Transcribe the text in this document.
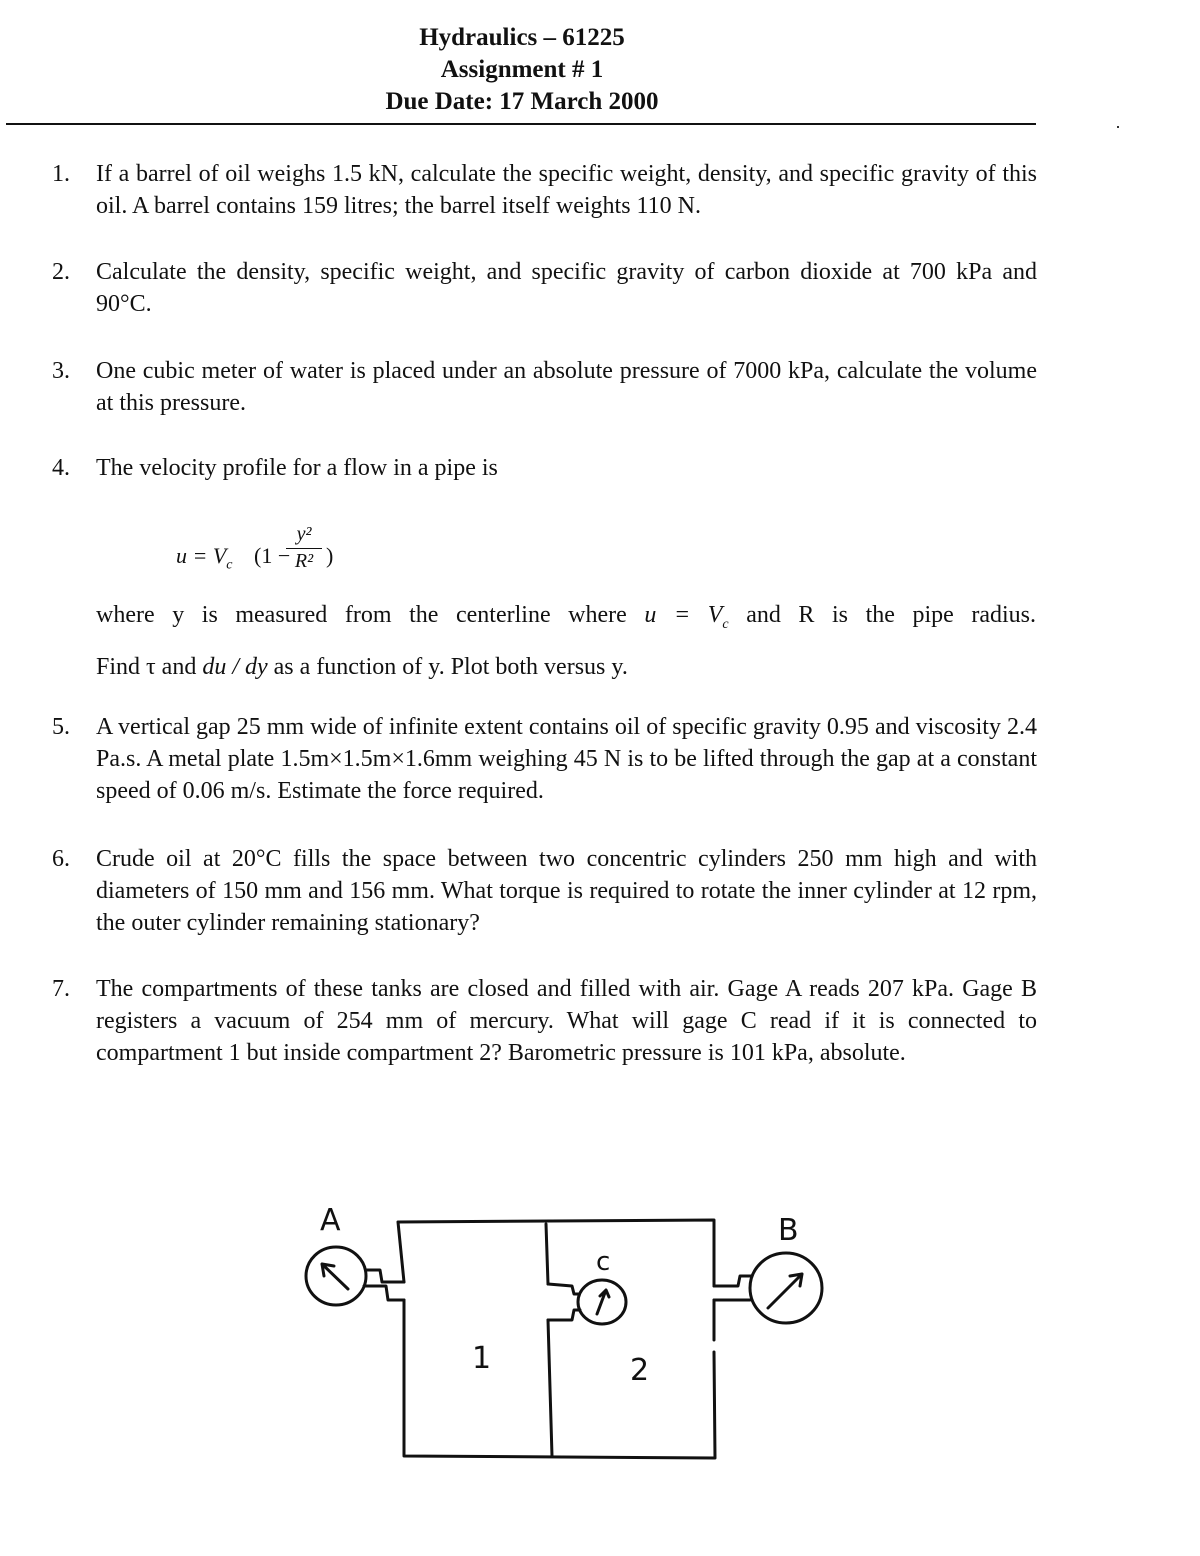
Hydraulics – 61225
Assignment # 1
Due Date: 17 March 2000
1.	If a barrel of oil weighs 1.5 kN, calculate the specific weight, density, and specific gravity of this oil. A barrel contains 159 litres; the barrel itself weights 110 N.
2.	Calculate the density, specific weight, and specific gravity of carbon dioxide at 700 kPa and 90°C.
3.	One cubic meter of water is placed under an absolute pressure of 7000 kPa, calculate the volume at this pressure.
4.	The velocity profile for a flow in a pipe is
$u = V_c$ (1 −
y²
R² )
where y is measured from the centerline where $u = V_c$ and R is the pipe radius.
Find τ and du / dy as a function of y. Plot both versus y.
5.	A vertical gap 25 mm wide of infinite extent contains oil of specific gravity 0.95 and viscosity 2.4 Pa.s. A metal plate 1.5m×1.5m×1.6mm weighing 45 N is to be lifted through the gap at a constant speed of 0.06 m/s. Estimate the force required.
6.	Crude oil at 20°C fills the space between two concentric cylinders 250 mm high and with diameters of 150 mm and 156 mm. What torque is required to rotate the inner cylinder at 12 rpm, the outer cylinder remaining stationary?
7.	The compartments of these tanks are closed and filled with air. Gage A reads 207 kPa. Gage B registers a vacuum of 254 mm of mercury. What will gage C read if it is connected to compartment 1 but inside compartment 2? Barometric pressure is 101 kPa, absolute.
A	B
c
1	2
